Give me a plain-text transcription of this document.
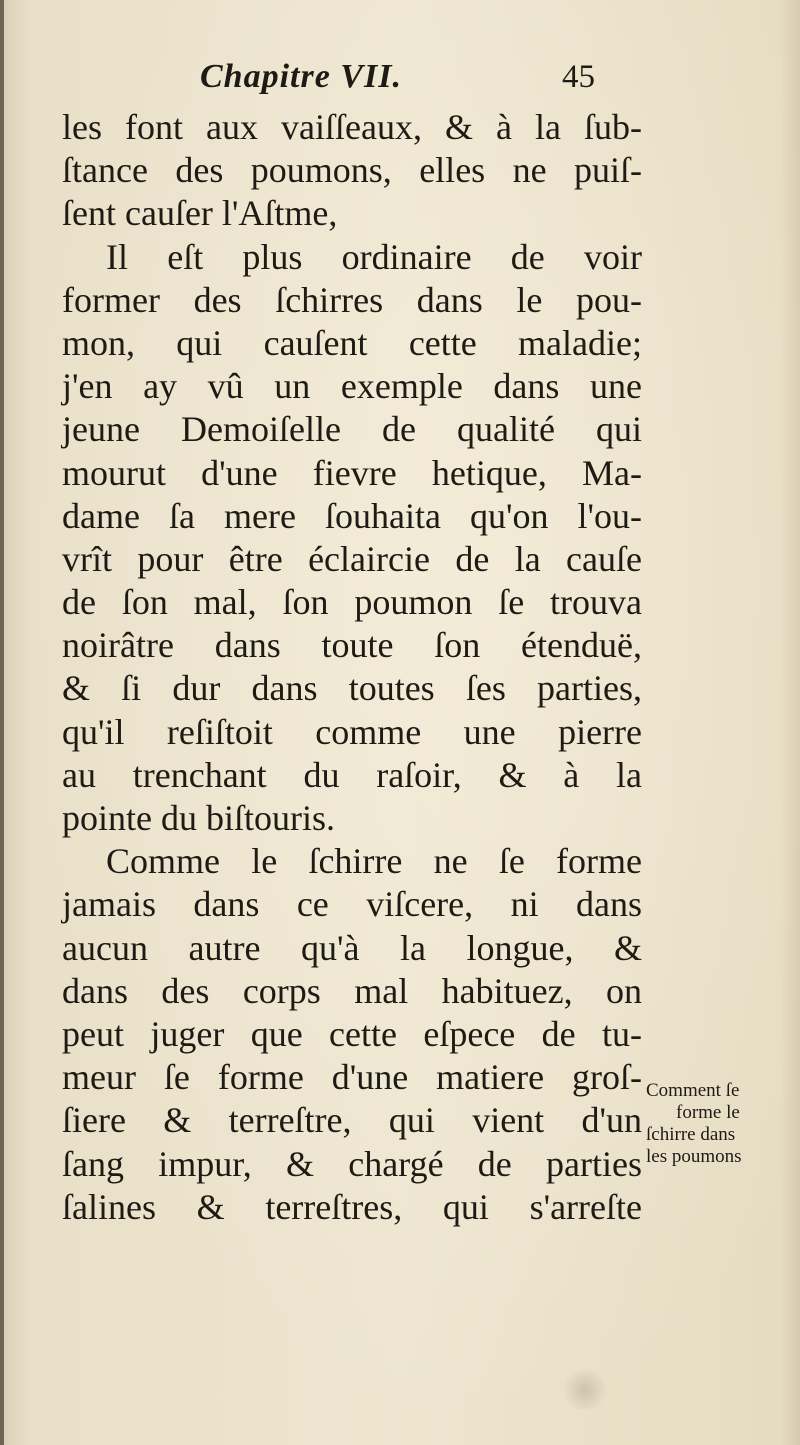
Chapitre VII.	45
les font aux vaiſſeaux, & à la ſub-
ſtance des poumons, elles ne puiſ-
ſent cauſer l'Aſtme,
Il eſt plus ordinaire de voir
former des ſchirres dans le pou-
mon, qui cauſent cette maladie;
j'en ay vû un exemple dans une
jeune Demoiſelle de qualité qui
mourut d'une fievre hetique, Ma-
dame ſa mere ſouhaita qu'on l'ou-
vrît pour être éclaircie de la cauſe
de ſon mal, ſon poumon ſe trouva
noirâtre dans toute ſon étenduë,
& ſi dur dans toutes ſes parties,
qu'il reſiſtoit comme une pierre
au trenchant du raſoir, & à la
pointe du biſtouris.
Comme le ſchirre ne ſe forme
jamais dans ce viſcere, ni dans
aucun autre qu'à la longue, &
dans des corps mal habituez, on
peut juger que cette eſpece de tu-
meur ſe forme d'une matiere groſ-
ſiere & terreſtre, qui vient d'un
ſang impur, & chargé de parties
ſalines & terreſtres, qui s'arreſte
Comment ſe
forme le
ſchirre dans
les poumons
